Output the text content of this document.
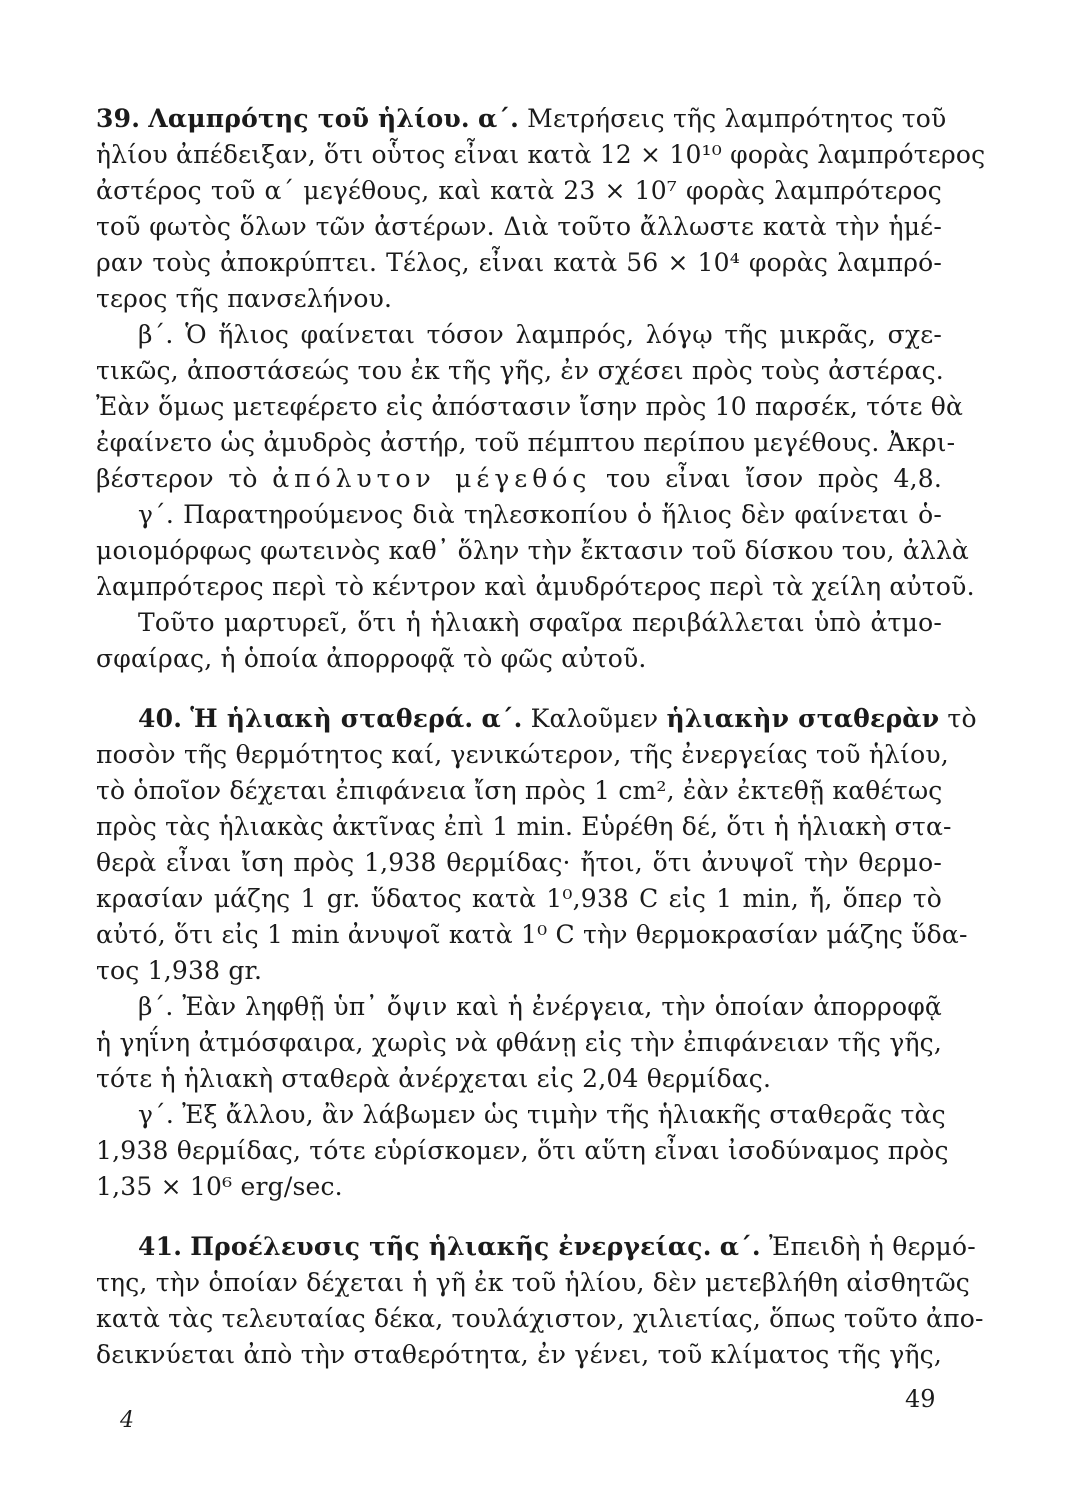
39. Λαμπρότης τοῦ ἡλίου. α΄. Μετρήσεις τῆς λαμπρότητος τοῦ
ἡλίου ἀπέδειξαν, ὅτι οὗτος εἶναι κατὰ 12 × 10¹⁰ φορὰς λαμπρότερος
ἀστέρος τοῦ α΄ μεγέθους, καὶ κατὰ 23 × 10⁷ φορὰς λαμπρότερος
τοῦ φωτὸς ὅλων τῶν ἀστέρων. Διὰ τοῦτο ἄλλωστε κατὰ τὴν ἡμέ-
ραν τοὺς ἀποκρύπτει. Τέλος, εἶναι κατὰ 56 × 10⁴ φορὰς λαμπρό-
τερος τῆς πανσελήνου.
β΄. Ὁ ἥλιος φαίνεται τόσον λαμπρός, λόγῳ τῆς μικρᾶς, σχε-
τικῶς, ἀποστάσεώς του ἐκ τῆς γῆς, ἐν σχέσει πρὸς τοὺς ἀστέρας.
Ἐὰν ὅμως μετεφέρετο εἰς ἀπόστασιν ἴσην πρὸς 10 παρσέκ, τότε θὰ
ἐφαίνετο ὡς ἀμυδρὸς ἀστήρ, τοῦ πέμπτου περίπου μεγέθους. Ἀκρι-
βέστερον τὸ ἀπόλυτον μέγεθός του εἶναι ἴσον πρὸς 4,8.
γ΄. Παρατηρούμενος διὰ τηλεσκοπίου ὁ ἥλιος δὲν φαίνεται ὁ-
μοιομόρφως φωτεινὸς καθ᾽ ὅλην τὴν ἔκτασιν τοῦ δίσκου του, ἀλλὰ
λαμπρότερος περὶ τὸ κέντρον καὶ ἀμυδρότερος περὶ τὰ χείλη αὐτοῦ.
Τοῦτο μαρτυρεῖ, ὅτι ἡ ἡλιακὴ σφαῖρα περιβάλλεται ὑπὸ ἀτμο-
σφαίρας, ἡ ὁποία ἀπορροφᾷ τὸ φῶς αὐτοῦ.
40. Ἡ ἡλιακὴ σταθερά. α΄. Καλοῦμεν ἡλιακὴν σταθερὰν τὸ
ποσὸν τῆς θερμότητος καί, γενικώτερον, τῆς ἐνεργείας τοῦ ἡλίου,
τὸ ὁποῖον δέχεται ἐπιφάνεια ἴση πρὸς 1 cm², ἐὰν ἐκτεθῇ καθέτως
πρὸς τὰς ἡλιακὰς ἀκτῖνας ἐπὶ 1 min. Εὑρέθη δέ, ὅτι ἡ ἡλιακὴ στα-
θερὰ εἶναι ἴση πρὸς 1,938 θερμίδας· ἤτοι, ὅτι ἀνυψοῖ τὴν θερμο-
κρασίαν μάζης 1 gr. ὕδατος κατὰ 1⁰,938 C εἰς 1 min, ἤ, ὅπερ τὸ
αὐτό, ὅτι εἰς 1 min ἀνυψοῖ κατὰ 1⁰ C τὴν θερμοκρασίαν μάζης ὕδα-
τος 1,938 gr.
β΄. Ἐὰν ληφθῇ ὑπ᾽ ὄψιν καὶ ἡ ἐνέργεια, τὴν ὁποίαν ἀπορροφᾷ
ἡ γηΐνη ἀτμόσφαιρα, χωρὶς νὰ φθάνῃ εἰς τὴν ἐπιφάνειαν τῆς γῆς,
τότε ἡ ἡλιακὴ σταθερὰ ἀνέρχεται εἰς 2,04 θερμίδας.
γ΄. Ἐξ ἄλλου, ἂν λάβωμεν ὡς τιμὴν τῆς ἡλιακῆς σταθερᾶς τὰς
1,938 θερμίδας, τότε εὑρίσκομεν, ὅτι αὕτη εἶναι ἰσοδύναμος πρὸς
1,35 × 10⁶ erg/sec.
41. Προέλευσις τῆς ἡλιακῆς ἐνεργείας. α΄. Ἐπειδὴ ἡ θερμό-
της, τὴν ὁποίαν δέχεται ἡ γῆ ἐκ τοῦ ἡλίου, δὲν μετεβλήθη αἰσθητῶς
κατὰ τὰς τελευταίας δέκα, τουλάχιστον, χιλιετίας, ὅπως τοῦτο ἀπο-
δεικνύεται ἀπὸ τὴν σταθερότητα, ἐν γένει, τοῦ κλίματος τῆς γῆς,
49
4
